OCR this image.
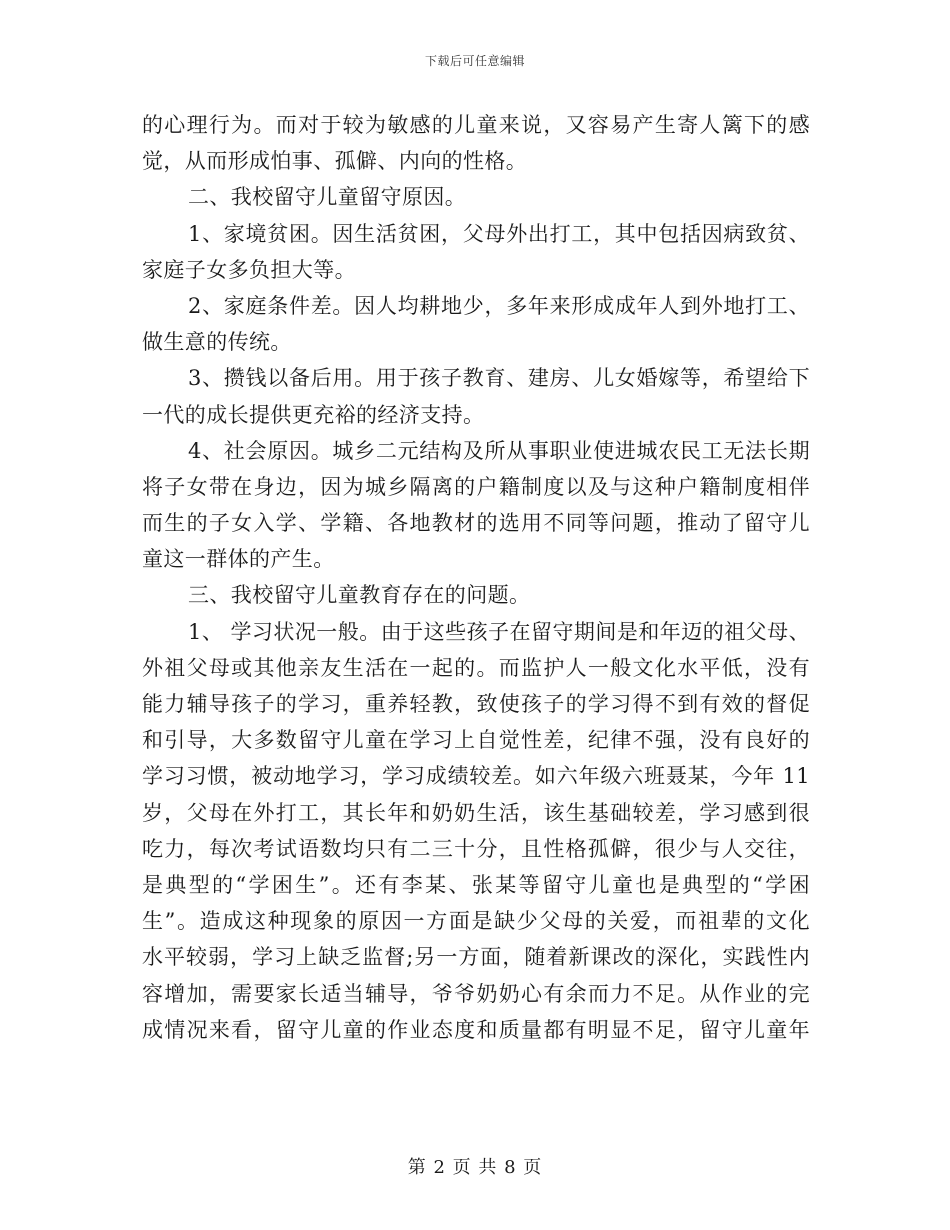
下载后可任意编辑
的心理行为。而对于较为敏感的儿童来说，又容易产生寄人篱下的感
觉，从而形成怕事、孤僻、内向的性格。
二、我校留守儿童留守原因。
1、家境贫困。因生活贫困，父母外出打工，其中包括因病致贫、
家庭子女多负担大等。
2、家庭条件差。因人均耕地少，多年来形成成年人到外地打工、
做生意的传统。
3、攒钱以备后用。用于孩子教育、建房、儿女婚嫁等，希望给下
一代的成长提供更充裕的经济支持。
4、社会原因。城乡二元结构及所从事职业使进城农民工无法长期
将子女带在身边，因为城乡隔离的户籍制度以及与这种户籍制度相伴
而生的子女入学、学籍、各地教材的选用不同等问题，推动了留守儿
童这一群体的产生。
三、我校留守儿童教育存在的问题。
1、 学习状况一般。由于这些孩子在留守期间是和年迈的祖父母、
外祖父母或其他亲友生活在一起的。而监护人一般文化水平低，没有
能力辅导孩子的学习，重养轻教，致使孩子的学习得不到有效的督促
和引导，大多数留守儿童在学习上自觉性差，纪律不强，没有良好的
学习习惯，被动地学习，学习成绩较差。如六年级六班聂某，今年 11
岁，父母在外打工，其长年和奶奶生活，该生基础较差，学习感到很
吃力，每次考试语数均只有二三十分，且性格孤僻，很少与人交往，
是典型的“学困生”。还有李某、张某等留守儿童也是典型的“学困
生”。造成这种现象的原因一方面是缺少父母的关爱，而祖辈的文化
水平较弱，学习上缺乏监督;另一方面，随着新课改的深化，实践性内
容增加，需要家长适当辅导，爷爷奶奶心有余而力不足。从作业的完
成情况来看，留守儿童的作业态度和质量都有明显不足，留守儿童年
第 2 页 共 8 页
